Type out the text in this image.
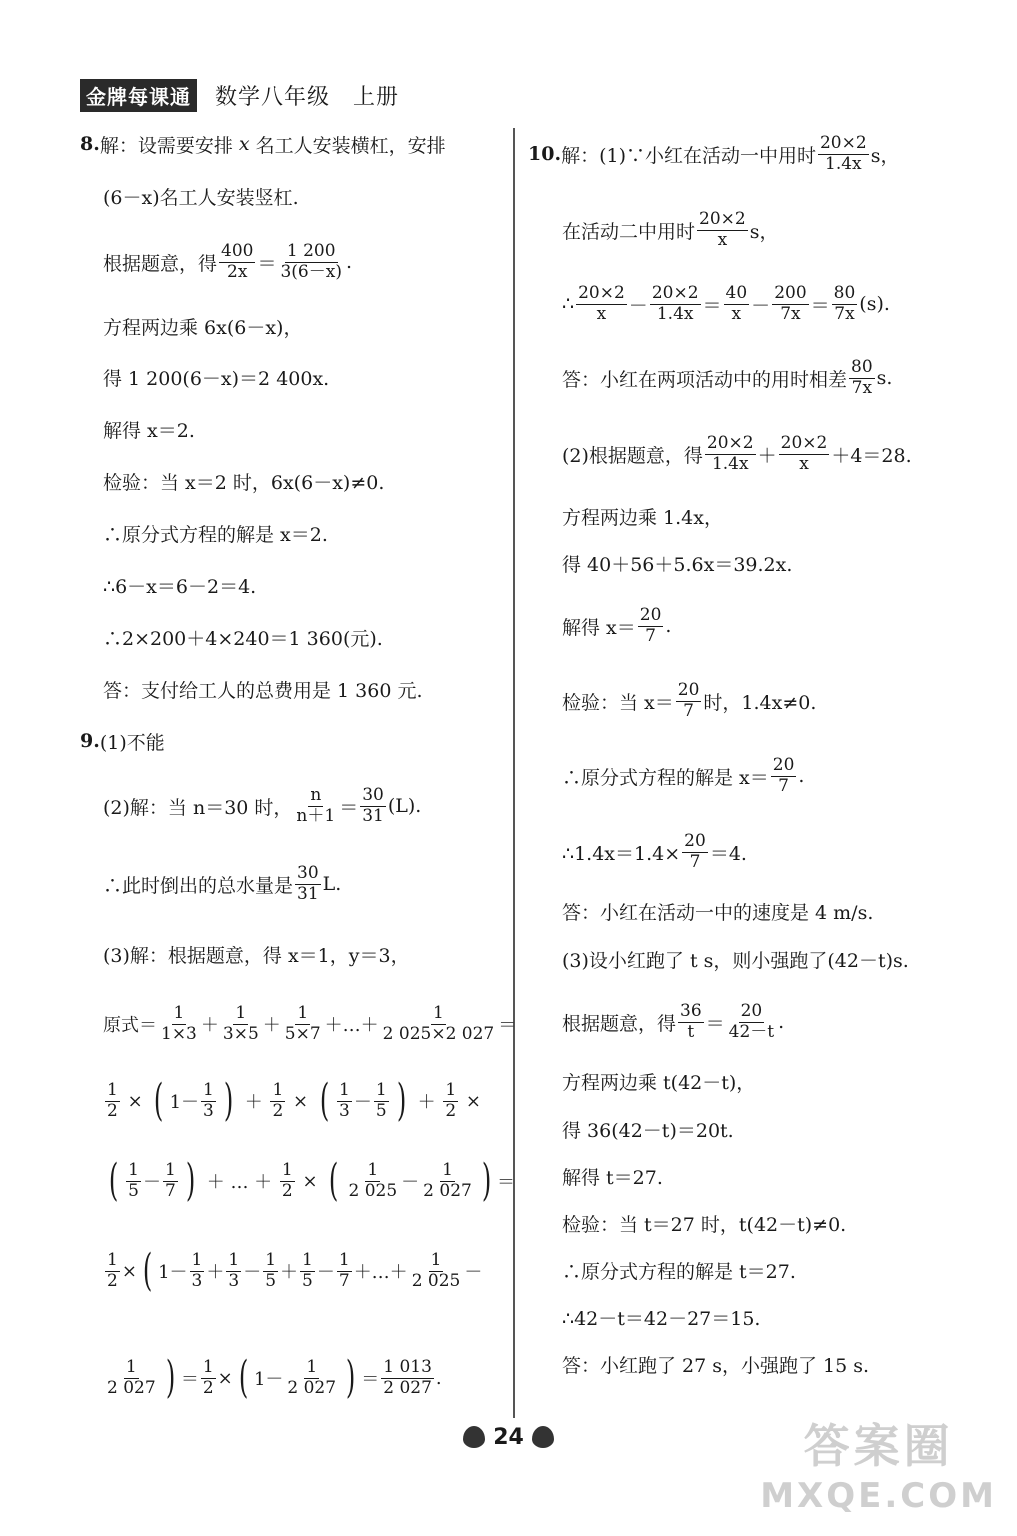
金牌每课通 数学八年级　上册
8. 解：设需要安排
x
名工人安装横杠，安排
(6－x)名工人安装竖杠.
根据题意，得 $\frac{400}{2x} = \frac{1 200}{3(6-x)}$ .
方程两边乘 6x(6－x)，
得 1 200(6－x)＝2 400x.
解得 x＝2.
检验：当 x＝2 时，6x(6－x)≠0.
∴原分式方程的解是 x＝2.
∴6－x＝6－2＝4.
∴2×200＋4×240＝1 360(元).
答：支付给工人的总费用是 1 360 元.
9. (1)不能
(2)解：当 n＝30 时， $\frac{n}{n+1} = \frac{30}{31} (L)$.
∴此时倒出的总水量是 $\frac{30}{31} L$.
(3)解：根据题意，得 x＝1，y＝3，
原式＝ $\frac{1}{1\times 3} + \frac{1}{3\times 5} + \frac{1}{5\times 7}$ ＋…＋ $\frac{1}{2 025\times 2 027}$ ＝
$\frac{1}{2}$
×
( $1- \frac{1}{3}$ )
＋
$\frac{1}{2}$
×
( $\frac{1}{3} - \frac{1}{5}$ )
＋
$\frac{1}{2}$
×
( $\frac{1}{5} - \frac{1}{7}$ )
＋ … ＋
$\frac{1}{2}$
×
( $\frac{1}{2 025} - \frac{1}{2 027}$ ) ＝
$\frac{1}{2}$ × ( $1- \frac{1}{3} + \frac{1}{3} - \frac{1}{5} + \frac{1}{5} - \frac{1}{7}$ ＋…＋ $\frac{1}{2 025}$ －
$\frac{1}{2 027}$ ) ＝ $\frac{1}{2}$ × ( $1- \frac{1}{2 027}$ ) ＝ $\frac{1 013}{2 027}$ .
10. 解：(1)∵小红在活动一中用时 $\frac{20\times 2}{1.4x}$ s，
在活动二中用时 $\frac{20\times 2}{x}$ s，
∴ $\frac{20\times 2}{x} - \frac{20\times 2}{1.4x} = \frac{40}{x} - \frac{200}{7x} = \frac{80}{7x} (s)$.
答：小红在两项活动中的用时相差 $\frac{80}{7x} s$.
(2)根据题意，得 $\frac{20\times 2}{1.4x} + \frac{20\times 2}{x} +4=28$.
方程两边乘 1.4x，
得 40＋56＋5.6x＝39.2x.
解得 $x= \frac{20}{7}$ .
检验：当 $x= \frac{20}{7}$ 时，1.4x≠0.
∴原分式方程的解是 $x= \frac{20}{7}$ .
∴1.4x＝1.4× $\frac{20}{7} =4$.
答：小红在活动一中的速度是 4 m/s.
(3)设小红跑了 t s，则小强跑了(42－t)s.
根据题意，得 $\frac{36}{t} = \frac{20}{42-t}$ .
方程两边乘 t(42－t)，
得 36(42－t)＝20t.
解得 t＝27.
检验：当 t＝27 时，t(42－t)≠0.
∴原分式方程的解是 t＝27.
∴42－t＝42－27＝15.
答：小红跑了 27 s，小强跑了 15 s.
24	答案圈
MXQE.COM
